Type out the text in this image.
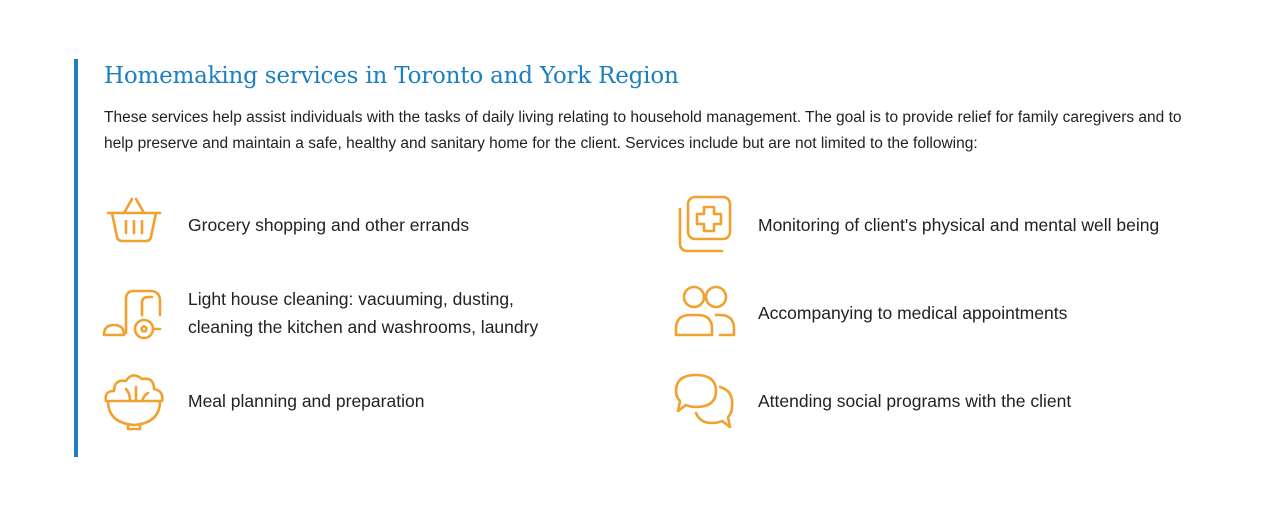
Homemaking services in Toronto and York Region

These services help assist individuals with the tasks of daily living relating to household management. The goal is to provide relief for family caregivers and to help preserve and maintain a safe, healthy and sanitary home for the client. Services include but are not limited to the following:

Grocery shopping and other errands	Monitoring of client's physical and mental well being
Light house cleaning: vacuuming, dusting, cleaning the kitchen and washrooms, laundry
Accompanying to medical appointments
Meal planning and preparation	Attending social programs with the client
